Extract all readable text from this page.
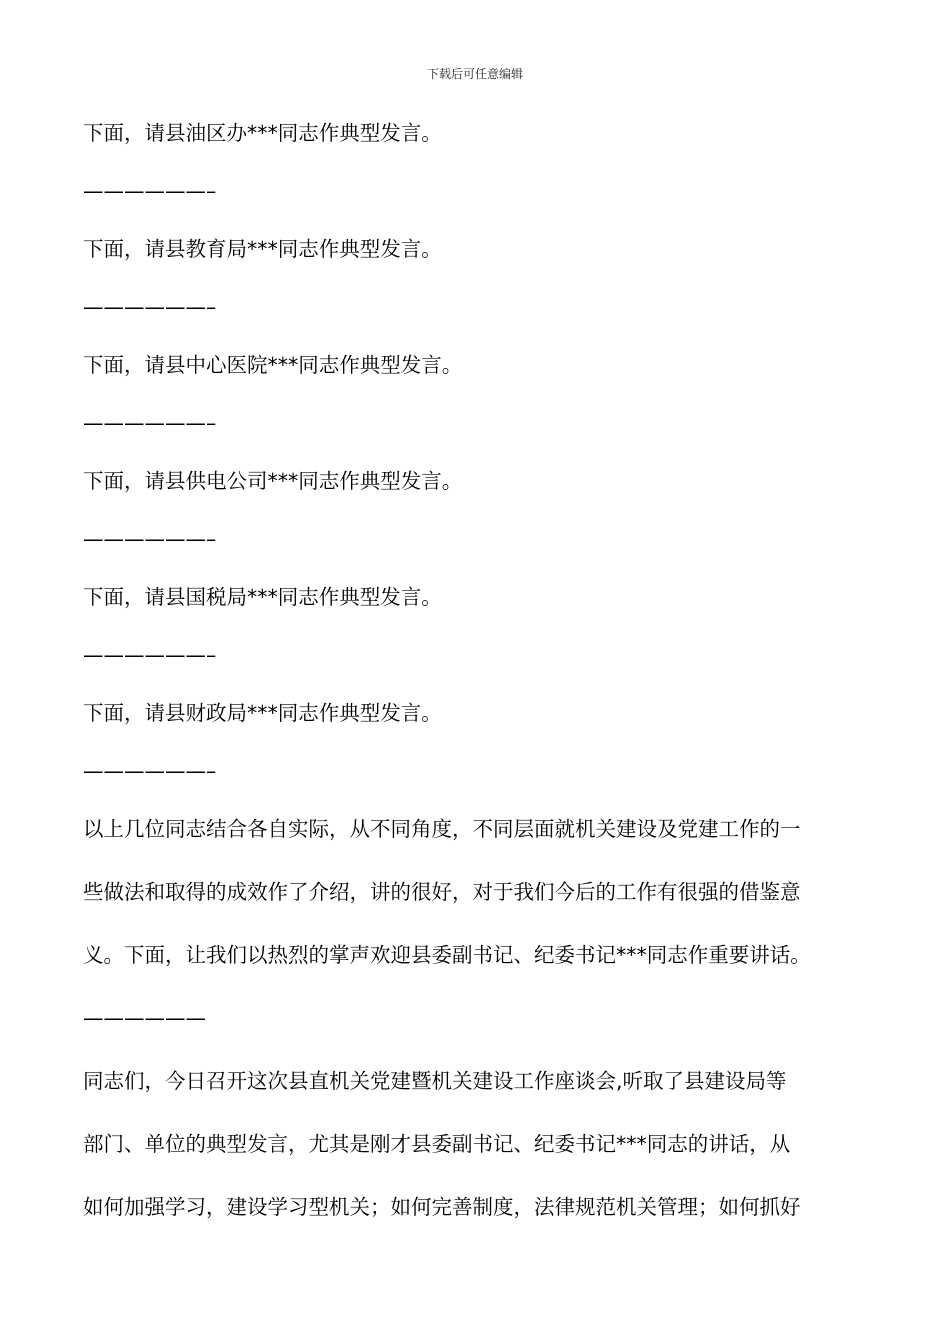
下载后可任意编辑

下面，请县油区办***同志作典型发言。

——————–

下面，请县教育局***同志作典型发言。

——————–

下面，请县中心医院***同志作典型发言。

——————–

下面，请县供电公司***同志作典型发言。

——————–

下面，请县国税局***同志作典型发言。

——————–

下面，请县财政局***同志作典型发言。

——————–

以上几位同志结合各自实际，从不同角度，不同层面就机关建设及党建工作的一
些做法和取得的成效作了介绍，讲的很好，对于我们今后的工作有很强的借鉴意
义。下面，让我们以热烈的掌声欢迎县委副书记、纪委书记***同志作重要讲话。
——————
同志们，今日召开这次县直机关党建暨机关建设工作座谈会,听取了县建设局等
部门、单位的典型发言，尤其是刚才县委副书记、纪委书记***同志的讲话，从
如何加强学习，建设学习型机关；如何完善制度，法律规范机关管理；如何抓好
